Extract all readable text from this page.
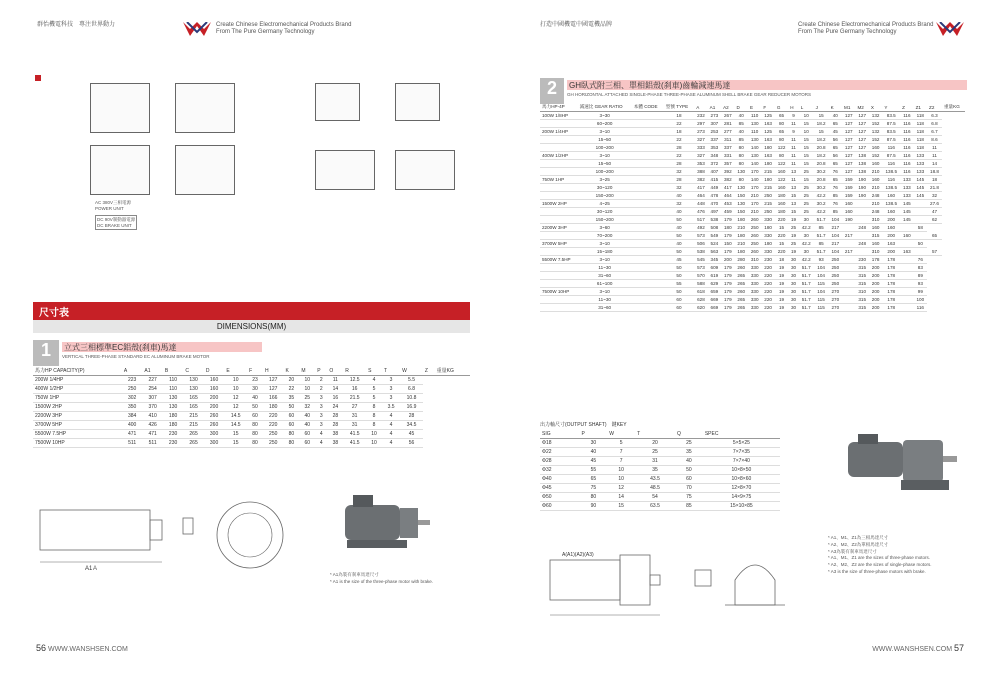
群怡機電科技　專注世界動力	Create Chinese Electromechanical Products Brand
From The Pure Germany Technology
AC 380V三相電源
POWER UNIT
DC 90V制動器電源
DC BRAKE UNIT
尺寸表
DIMENSIONS(MM)
1	立式三相標準EC鋁殼(刹車)馬達
VERTICAL THREE-PHASE STANDARD EC ALUMINUM BRAKE MOTOR
馬力HP CAPACITY(P)	A	A1	B	C	D	E	F	H	K	M	P	O	R	S	T	W	Z	重量KG
200W 1/4HP	223	227	110	130	160	10	23	127	20	10	2	11	12.5	4	3	5.5		
400W 1/2HP	250	254	110	130	160	10	30	127	22	10	2	14	16	5	3	6.8		
750W 1HP	302	307	130	165	200	12	40	166	35	25	3	16	21.5	5	3	10.8		
1500W 2HP	350	370	130	165	200	12	50	180	50	32	3	24	27	8	3.5	16.9		
2200W 3HP	384	410	180	215	260	14.5	60	220	60	40	3	28	31	8	4	28		
3700W 5HP	400	426	180	215	260	14.5	80	220	60	40	3	28	31	8	4	34.5		
5500W 7.5HP	471	471	230	265	300	15	80	250	80	60	4	38	41.5	10	4	45		
7500W 10HP	511	511	230	265	300	15	80	250	80	60	4	38	41.5	10	4	56		
A
A1
* A1為裝有刹車馬達尺寸
* A1 is the size of the three-phase motor with brake.
56 WWW.WANSHSEN.COM
打造中國機電中國電機品牌	Create Chinese Electromechanical Products Brand
From The Pure Germany Technology
2	GH臥式附三相、單相鋁殼(刹車)齒輪減速馬達
GH HORIZONTAL ATTACHED SINGLE-PHASE THREE-PHASE ALUMINUM SHELL BRAKE GEAR REDUCER MOTORS
馬力HP-4P	減速比 GEAR RATIO	本體 CODE	型號 TYPE	A	A1	A2	D	E	F	G	H	L	J	K	M1	M2	X	Y	Z	Z1	Z2	重量KG
100W 1/8HP	3~30		18	232	273	267	40	110	125	65	9	10	15	40	127	127	132	83.5	116	118	6.3	
	60~200		22	297	307	281	85	130	163	80	11	15	18.2	65	127	127	152	87.5	116	118	6.8	
200W 1/4HP	3~10		18	273	253	277	40	110	125	65	9	10	15	45	127	127	132	83.5	116	118	6.7	
	15~50		22	327	337	311	85	130	163	80	11	15	18.2	56	127	127	152	87.5	116	118	8.6	
	100~200		28	333	353	337	80	140	180	122	11	15	20.8	65	127	127	160	116	116	118	11	
400W 1/2HP	3~10		22	327	348	331	80	130	163	80	11	15	18.2	56	127	138	152	87.5	116	133	11	
	15~50		28	353	372	357	80	140	180	122	11	15	20.8	65	127	138	160	116	116	133	14	
	100~200		32	388	407	392	130	170	215	160	13	25	30.2	76	127	138	210	138.5	116	133	18.8	
750W 1HP	3~25		28	382	415	382	80	140	180	122	11	15	20.8	65	159	190	160	116	133	145	18	
	30~120		32	417	449	417	130	170	215	160	13	25	30.2	76	159	190	210	138.5	133	145	21.8	
	150~200		40	464	478	464	150	210	250	180	15	25	42.2	85	159	190	248	160	133	145	32	
1500W 2HP	4~25		32	448	470	453	130	170	215	160	13	25	30.2	76	160		210	138.5	145		27.6	
	30~120		40	476	497	459	150	210	250	180	15	25	42.2	85	160		248	160	145		47	
	150~200		50	517	538	179	180	260	330	220	19	30	51.7	104	190		310	200	145		62	
2200W 3HP	3~60		40	492	508	180	210	250	180	15	25	42.2	85	217		248	160	160		58		
	70~200		50	573	549	179	180	260	330	220	19	30	51.7	104	217		315	200	160		65	
3700W 5HP	3~10		40	506	524	150	210	250	180	15	25	42.2	85	217		248	160	163		50		
	15~180		50	538	563	179	180	260	330	220	19	30	51.7	104	217		310	200	163		57	
5500W 7.5HP	3~10		45	545	345	200	280	310	230	18	30	42.2	93	250		230	178	178		76		
	11~30		50	573	609	179	260	330	220	19	30	51.7	104	250		315	200	178		83		
	31~60		50	570	619	179	265	330	220	19	30	51.7	104	250		315	200	178		89		
	61~100		55	588	629	179	265	330	220	19	30	51.7	115	250		315	200	178		93		
7500W 10HP	3~10		50	618	659	179	260	330	220	19	30	51.7	104	270		310	200	178		99		
	11~30		60	628	669	179	265	330	220	19	30	51.7	115	270		315	200	178		100		
	31~60		60	620	669	179	265	330	220	19	30	51.7	115	270		315	200	178		116		
出力軸尺寸(OUTPUT SHAFT)　 鍵KEY
SIG	P	W	T	Q	SPEC
Φ18	30	5	20	25	5×5×25
Φ22	40	7	25	35	7×7×35
Φ28	45	7	31	40	7×7×40
Φ32	55	10	35	50	10×8×50
Φ40	65	10	43.5	60	10×8×60
Φ45	75	12	48.5	70	12×8×70
Φ50	80	14	54	75	14×9×75
Φ60	90	15	63.5	85	15×10×85
* A1、M1、Z1為三相馬達尺寸
* A2、M2、Z2為單相馬達尺寸
* A3為裝有刹車馬達尺寸
* A1、M1、Z1 are the sizes of three-phase motors.
* A2、M2、Z2 are the sizes of single-phase motors.
* A3 is the size of three-phase motors with brake.
A(A1)(A2)(A3)
WWW.WANSHSEN.COM 57
